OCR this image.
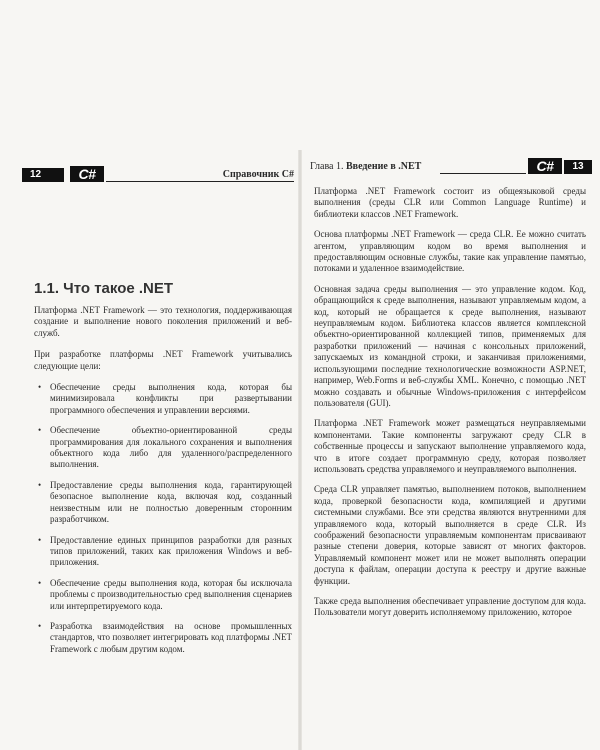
12	C#	Справочник C#
Глава 1. Введение в .NET	C#	13
1.1. Что такое .NET

Платформа .NET Framework — это технология, поддерживающая создание и выполнение нового поколения приложений и веб-служб.

При разработке платформы .NET Framework учитывались следующие цели:

• Обеспечение среды выполнения кода, которая бы минимизировала конфликты при развертывании программного обеспечения и управлении версиями.
• Обеспечение объектно-ориентированной среды программирования для локального сохранения и выполнения объектного кода либо для удаленного/распределенного выполнения.
• Предоставление среды выполнения кода, гарантирующей безопасное выполнение кода, включая код, созданный неизвестным или не полностью доверенным сторонним разработчиком.
• Предоставление единых принципов разработки для разных типов приложений, таких как приложения Windows и веб-приложения.
• Обеспечение среды выполнения кода, которая бы исключала проблемы с производительностью сред выполнения сценариев или интерпретируемого кода.
• Разработка взаимодействия на основе промышленных стандартов, что позволяет интегрировать код платформы .NET Framework с любым другим кодом.

Платформа .NET Framework состоит из общеязыковой среды выполнения (среды CLR или Common Language Runtime) и библиотеки классов .NET Framework.

Основа платформы .NET Framework — среда CLR. Ее можно считать агентом, управляющим кодом во время выполнения и предоставляющим основные службы, такие как управление памятью, потоками и удаленное взаимодействие.

Основная задача среды выполнения — это управление кодом. Код, обращающийся к среде выполнения, называют управляемым кодом, а код, который не обращается к среде выполнения, называют неуправляемым кодом. Библиотека классов является комплексной объектно-ориентированной коллекцией типов, применяемых для разработки приложений — начиная с консольных приложений, запускаемых из командной строки, и заканчивая приложениями, использующими последние технологические возможности ASP.NET, например, Web.Forms и веб-службы XML. Конечно, с помощью .NET можно создавать и обычные Windows-приложения с интерфейсом пользователя (GUI).

Платформа .NET Framework может размещаться неуправляемыми компонентами. Такие компоненты загружают среду CLR в собственные процессы и запускают выполнение управляемого кода, что в итоге создает программную среду, которая позволяет использовать средства управляемого и неуправляемого выполнения.

Среда CLR управляет памятью, выполнением потоков, выполнением кода, проверкой безопасности кода, компиляцией и другими системными службами. Все эти средства являются внутренними для управляемого кода, который выполняется в среде CLR. Из соображений безопасности управляемым компонентам присваивают разные степени доверия, которые зависят от многих факторов. Управляемый компонент может или не может выполнять операции доступа к файлам, операции доступа к реестру и другие важные функции.

Также среда выполнения обеспечивает управление доступом для кода. Пользователи могут доверить исполняемому приложению, которое
